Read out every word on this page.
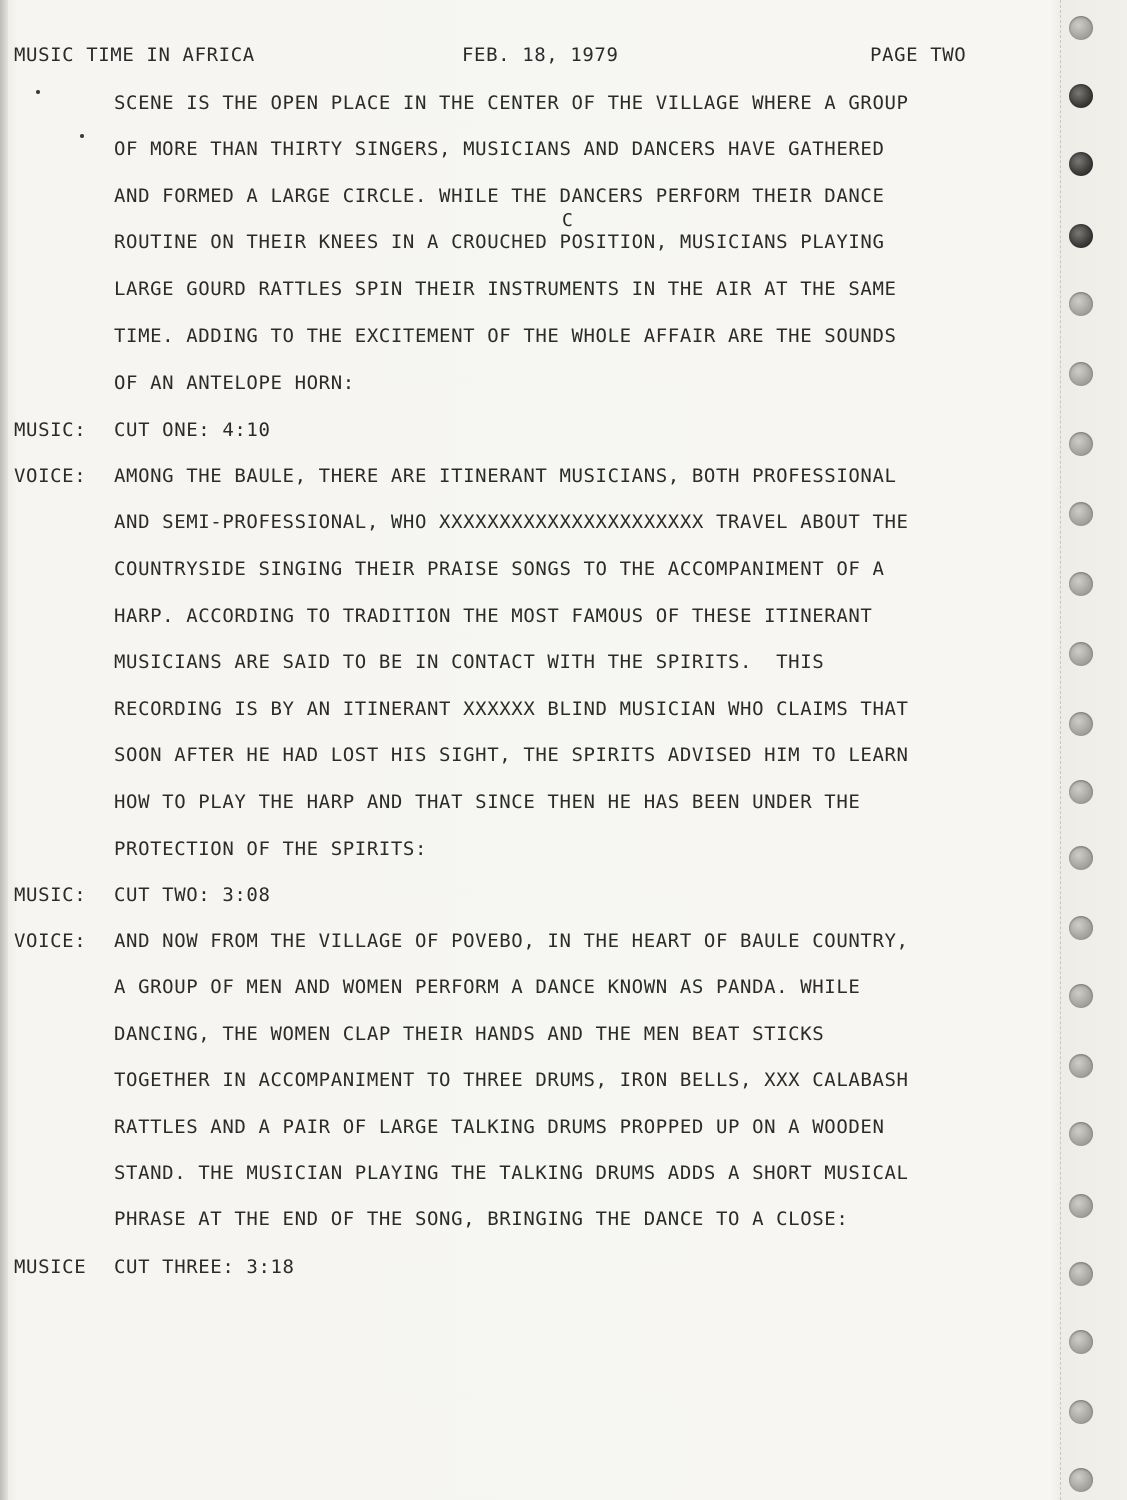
MUSIC TIME IN AFRICA	FEB. 18, 1979	PAGE TWO
C
SCENE IS THE OPEN PLACE IN THE CENTER OF THE VILLAGE WHERE A GROUP
OF MORE THAN THIRTY SINGERS, MUSICIANS AND DANCERS HAVE GATHERED
AND FORMED A LARGE CIRCLE. WHILE THE DANCERS PERFORM THEIR DANCE
ROUTINE ON THEIR KNEES IN A CROUCHED POSITION, MUSICIANS PLAYING
LARGE GOURD RATTLES SPIN THEIR INSTRUMENTS IN THE AIR AT THE SAME
TIME. ADDING TO THE EXCITEMENT OF THE WHOLE AFFAIR ARE THE SOUNDS
OF AN ANTELOPE HORN:
MUSIC: CUT ONE: 4:10
VOICE: AMONG THE BAULE, THERE ARE ITINERANT MUSICIANS, BOTH PROFESSIONAL
AND SEMI-PROFESSIONAL, WHO XXXXXXXXXXXXXXXXXXXXXX TRAVEL ABOUT THE
COUNTRYSIDE SINGING THEIR PRAISE SONGS TO THE ACCOMPANIMENT OF A
HARP. ACCORDING TO TRADITION THE MOST FAMOUS OF THESE ITINERANT
MUSICIANS ARE SAID TO BE IN CONTACT WITH THE SPIRITS.  THIS
RECORDING IS BY AN ITINERANT XXXXXX BLIND MUSICIAN WHO CLAIMS THAT
SOON AFTER HE HAD LOST HIS SIGHT, THE SPIRITS ADVISED HIM TO LEARN
HOW TO PLAY THE HARP AND THAT SINCE THEN HE HAS BEEN UNDER THE
PROTECTION OF THE SPIRITS:
MUSIC: CUT TWO: 3:08
VOICE: AND NOW FROM THE VILLAGE OF POVEBO, IN THE HEART OF BAULE COUNTRY,
A GROUP OF MEN AND WOMEN PERFORM A DANCE KNOWN AS PANDA. WHILE
DANCING, THE WOMEN CLAP THEIR HANDS AND THE MEN BEAT STICKS
TOGETHER IN ACCOMPANIMENT TO THREE DRUMS, IRON BELLS, XXX CALABASH
RATTLES AND A PAIR OF LARGE TALKING DRUMS PROPPED UP ON A WOODEN
STAND. THE MUSICIAN PLAYING THE TALKING DRUMS ADDS A SHORT MUSICAL
PHRASE AT THE END OF THE SONG, BRINGING THE DANCE TO A CLOSE:
MUSICE CUT THREE: 3:18
